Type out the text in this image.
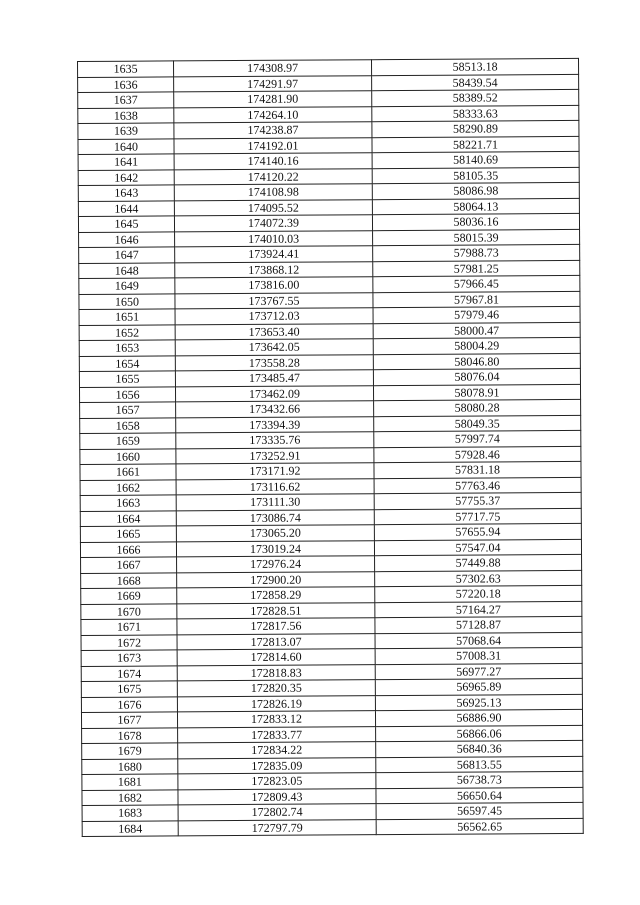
1635	174308.97	58513.18
1636	174291.97	58439.54
1637	174281.90	58389.52
1638	174264.10	58333.63
1639	174238.87	58290.89
1640	174192.01	58221.71
1641	174140.16	58140.69
1642	174120.22	58105.35
1643	174108.98	58086.98
1644	174095.52	58064.13
1645	174072.39	58036.16
1646	174010.03	58015.39
1647	173924.41	57988.73
1648	173868.12	57981.25
1649	173816.00	57966.45
1650	173767.55	57967.81
1651	173712.03	57979.46
1652	173653.40	58000.47
1653	173642.05	58004.29
1654	173558.28	58046.80
1655	173485.47	58076.04
1656	173462.09	58078.91
1657	173432.66	58080.28
1658	173394.39	58049.35
1659	173335.76	57997.74
1660	173252.91	57928.46
1661	173171.92	57831.18
1662	173116.62	57763.46
1663	173111.30	57755.37
1664	173086.74	57717.75
1665	173065.20	57655.94
1666	173019.24	57547.04
1667	172976.24	57449.88
1668	172900.20	57302.63
1669	172858.29	57220.18
1670	172828.51	57164.27
1671	172817.56	57128.87
1672	172813.07	57068.64
1673	172814.60	57008.31
1674	172818.83	56977.27
1675	172820.35	56965.89
1676	172826.19	56925.13
1677	172833.12	56886.90
1678	172833.77	56866.06
1679	172834.22	56840.36
1680	172835.09	56813.55
1681	172823.05	56738.73
1682	172809.43	56650.64
1683	172802.74	56597.45
1684	172797.79	56562.65
